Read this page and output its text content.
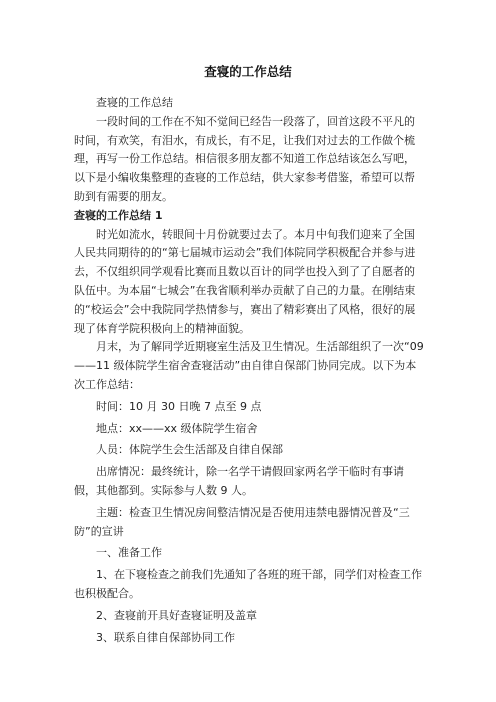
查寝的工作总结

查寝的工作总结

一段时间的工作在不知不觉间已经告一段落了，回首这段不平凡的时间，有欢笑，有泪水，有成长，有不足，让我们对过去的工作做个梳理，再写一份工作总结。相信很多朋友都不知道工作总结该怎么写吧，以下是小编收集整理的查寝的工作总结，供大家参考借鉴，希望可以帮助到有需要的朋友。

查寝的工作总结 1

时光如流水，转眼间十月份就要过去了。本月中旬我们迎来了全国人民共同期待的的“第七届城市运动会”我们体院同学积极配合并参与进去，不仅组织同学观看比赛而且数以百计的同学也投入到了了自愿者的队伍中。为本届“七城会”在我省顺利举办贡献了自己的力量。在刚结束的“校运会”会中我院同学热情参与，赛出了精彩赛出了风格，很好的展现了体育学院积极向上的精神面貌。

月末，为了解同学近期寝室生活及卫生情况。生活部组织了一次“09——11 级体院学生宿舍查寝活动”由自律自保部门协同完成。以下为本次工作总结：

时间：10 月 30 日晚 7 点至 9 点

地点：xx——xx 级体院学生宿舍

人员：体院学生会生活部及自律自保部

出席情况：最终统计，除一名学干请假回家两名学干临时有事请假，其他都到。实际参与人数 9 人。

主题：检查卫生情况房间整洁情况是否使用违禁电器情况普及“三防”的宣讲

一、准备工作

1、在下寝检查之前我们先通知了各班的班干部，同学们对检查工作也积极配合。

2、查寝前开具好查寝证明及盖章

3、联系自律自保部协同工作
